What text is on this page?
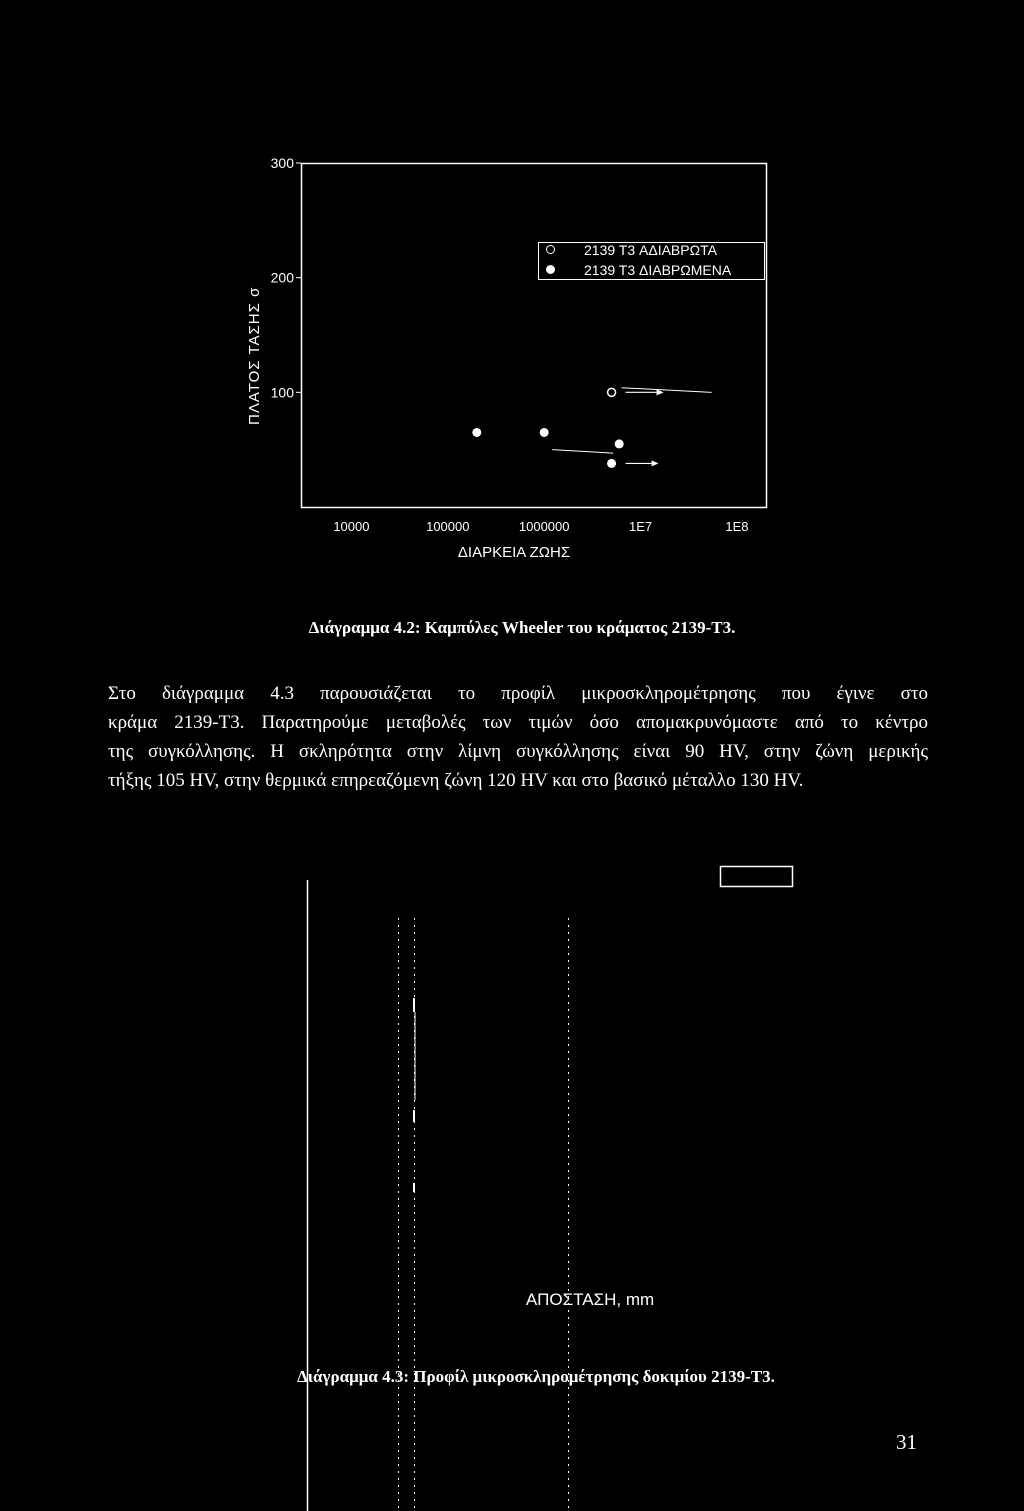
300
200
100
10000	100000	1000000	1E7	1E8
ΠΛΑΤΟΣ ΤΑΣΗΣ σ
ΔΙΑΡΚΕΙΑ ΖΩΗΣ
2139 T3 ΑΔΙΑΒΡΩΤΑ
2139 T3 ΔΙΑΒΡΩΜΕΝΑ
Διάγραμμα 4.2: Καμπύλες Wheeler του κράματος 2139-Τ3.
Στο διάγραμμα 4.3 παρουσιάζεται το προφίλ μικροσκληρομέτρησης που έγινε στο
κράμα 2139-Τ3. Παρατηρούμε μεταβολές των τιμών όσο απομακρυνόμαστε από το κέντρο
της συγκόλλησης. Η σκληρότητα στην λίμνη συγκόλλησης είναι 90 HV, στην ζώνη μερικής
τήξης 105 HV, στην θερμικά επηρεαζόμενη ζώνη 120 HV και στο βασικό μέταλλο 130 HV.
ΑΠΟΣΤΑΣΗ, mm
Διάγραμμα 4.3: Προφίλ μικροσκληρομέτρησης δοκιμίου 2139-Τ3.
31
